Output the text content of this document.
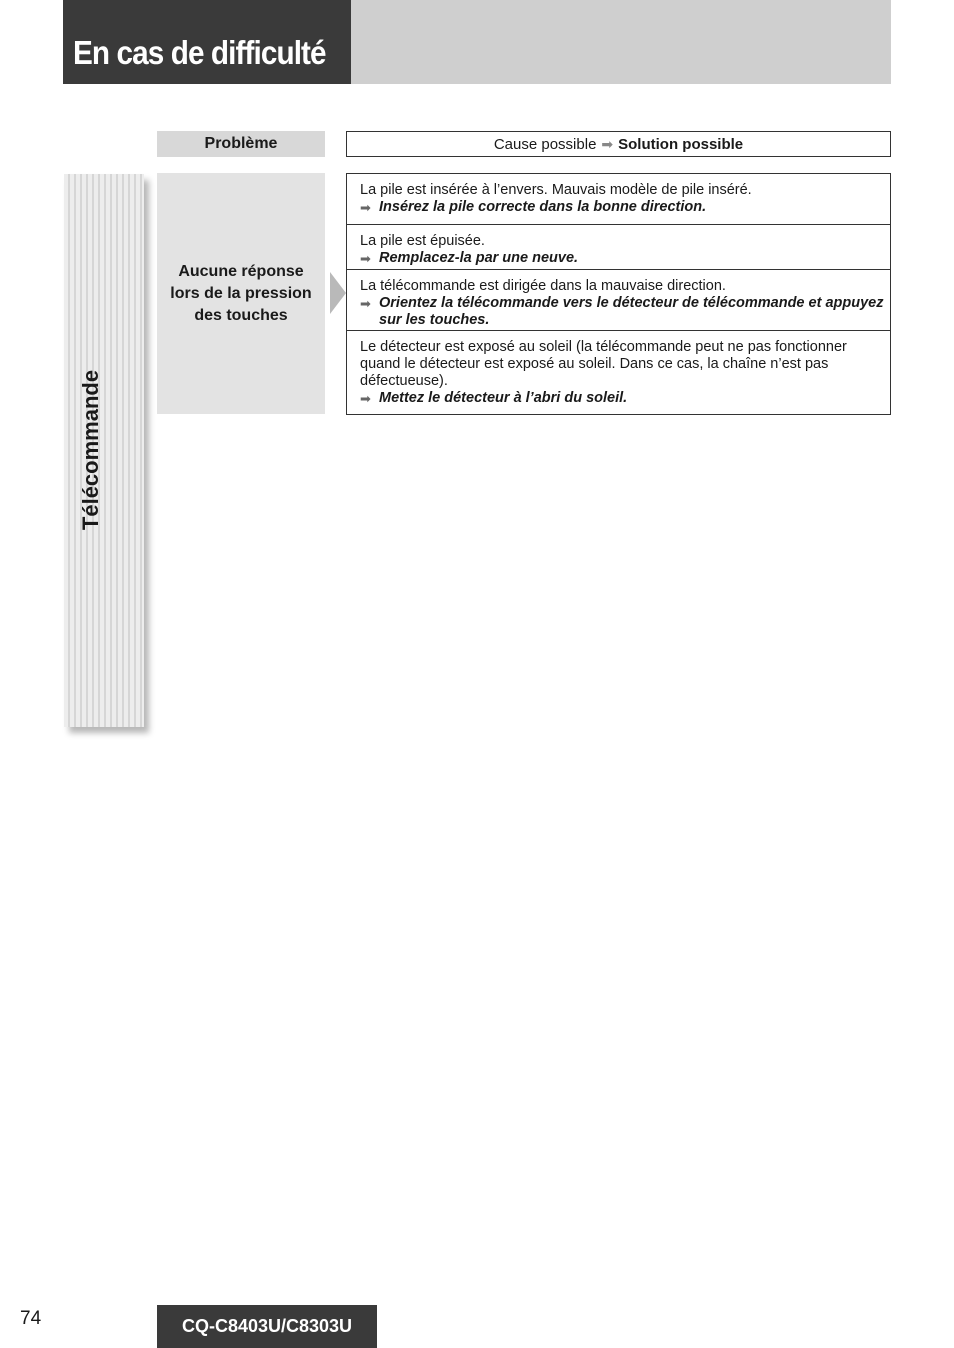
En cas de difficulté
Problème	Cause possible ➡ Solution possible
Télécommande
Aucune réponse lors de la pression des touches
La pile est insérée à l’envers. Mauvais modèle de pile inséré.
➡ Insérez la pile correcte dans la bonne direction.
La pile est épuisée.
➡ Remplacez-la par une neuve.
La télécommande est dirigée dans la mauvaise direction.
➡ Orientez la télécommande vers le détecteur de télécommande et appuyez sur les touches.
Le détecteur est exposé au soleil (la télécommande peut ne pas fonctionner quand le détecteur est exposé au soleil. Dans ce cas, la chaîne n’est pas défectueuse).
➡ Mettez le détecteur à l’abri du soleil.
74	CQ-C8403U/C8303U
